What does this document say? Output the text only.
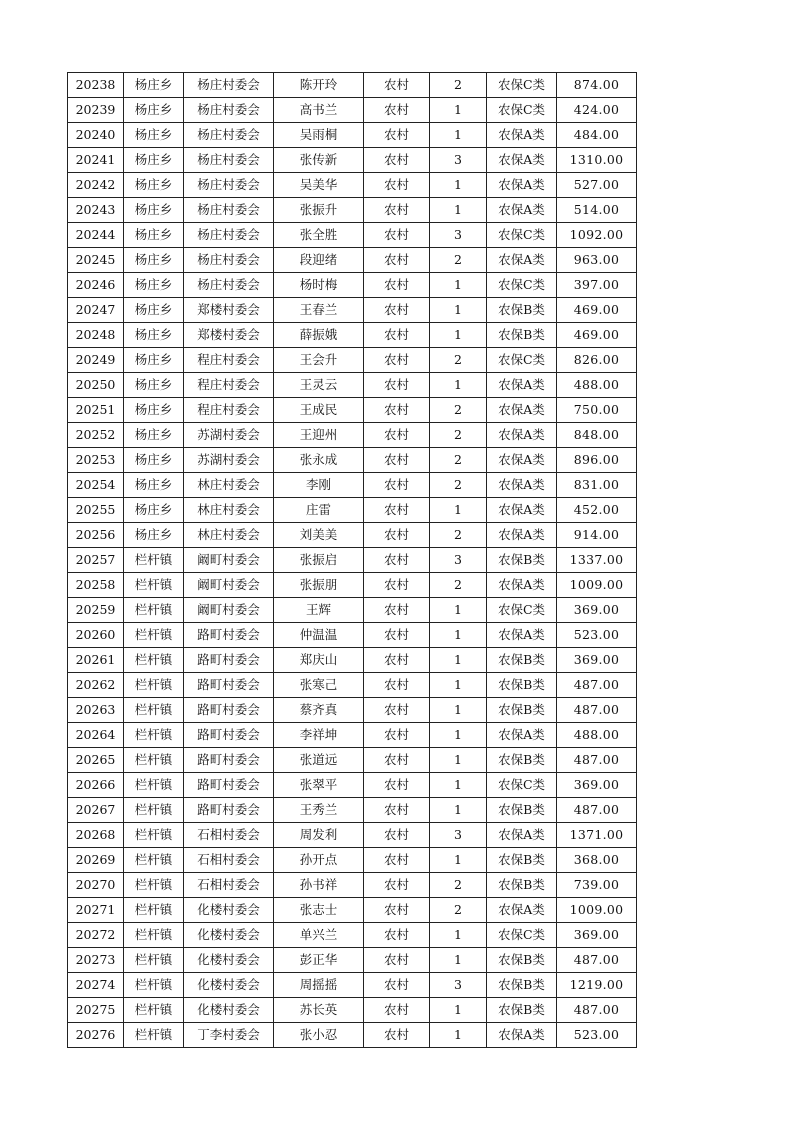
20238	杨庄乡	杨庄村委会	陈开玲	农村	2	农保C类	874.00
20239	杨庄乡	杨庄村委会	高书兰	农村	1	农保C类	424.00
20240	杨庄乡	杨庄村委会	吴雨桐	农村	1	农保A类	484.00
20241	杨庄乡	杨庄村委会	张传新	农村	3	农保A类	1310.00
20242	杨庄乡	杨庄村委会	吴美华	农村	1	农保A类	527.00
20243	杨庄乡	杨庄村委会	张振升	农村	1	农保A类	514.00
20244	杨庄乡	杨庄村委会	张全胜	农村	3	农保C类	1092.00
20245	杨庄乡	杨庄村委会	段迎绪	农村	2	农保A类	963.00
20246	杨庄乡	杨庄村委会	杨时梅	农村	1	农保C类	397.00
20247	杨庄乡	郑楼村委会	王春兰	农村	1	农保B类	469.00
20248	杨庄乡	郑楼村委会	薛振娥	农村	1	农保B类	469.00
20249	杨庄乡	程庄村委会	王会升	农村	2	农保C类	826.00
20250	杨庄乡	程庄村委会	王灵云	农村	1	农保A类	488.00
20251	杨庄乡	程庄村委会	王成民	农村	2	农保A类	750.00
20252	杨庄乡	苏湖村委会	王迎州	农村	2	农保A类	848.00
20253	杨庄乡	苏湖村委会	张永成	农村	2	农保A类	896.00
20254	杨庄乡	林庄村委会	李刚	农村	2	农保A类	831.00
20255	杨庄乡	林庄村委会	庄雷	农村	1	农保A类	452.00
20256	杨庄乡	林庄村委会	刘美美	农村	2	农保A类	914.00
20257	栏杆镇	阚町村委会	张振启	农村	3	农保B类	1337.00
20258	栏杆镇	阚町村委会	张振朋	农村	2	农保A类	1009.00
20259	栏杆镇	阚町村委会	王辉	农村	1	农保C类	369.00
20260	栏杆镇	路町村委会	仲温温	农村	1	农保A类	523.00
20261	栏杆镇	路町村委会	郑庆山	农村	1	农保B类	369.00
20262	栏杆镇	路町村委会	张寒己	农村	1	农保B类	487.00
20263	栏杆镇	路町村委会	蔡齐真	农村	1	农保B类	487.00
20264	栏杆镇	路町村委会	李祥坤	农村	1	农保A类	488.00
20265	栏杆镇	路町村委会	张道远	农村	1	农保B类	487.00
20266	栏杆镇	路町村委会	张翠平	农村	1	农保C类	369.00
20267	栏杆镇	路町村委会	王秀兰	农村	1	农保B类	487.00
20268	栏杆镇	石相村委会	周发利	农村	3	农保A类	1371.00
20269	栏杆镇	石相村委会	孙开点	农村	1	农保B类	368.00
20270	栏杆镇	石相村委会	孙书祥	农村	2	农保B类	739.00
20271	栏杆镇	化楼村委会	张志士	农村	2	农保A类	1009.00
20272	栏杆镇	化楼村委会	单兴兰	农村	1	农保C类	369.00
20273	栏杆镇	化楼村委会	彭正华	农村	1	农保B类	487.00
20274	栏杆镇	化楼村委会	周摇摇	农村	3	农保B类	1219.00
20275	栏杆镇	化楼村委会	苏长英	农村	1	农保B类	487.00
20276	栏杆镇	丁李村委会	张小忍	农村	1	农保A类	523.00
